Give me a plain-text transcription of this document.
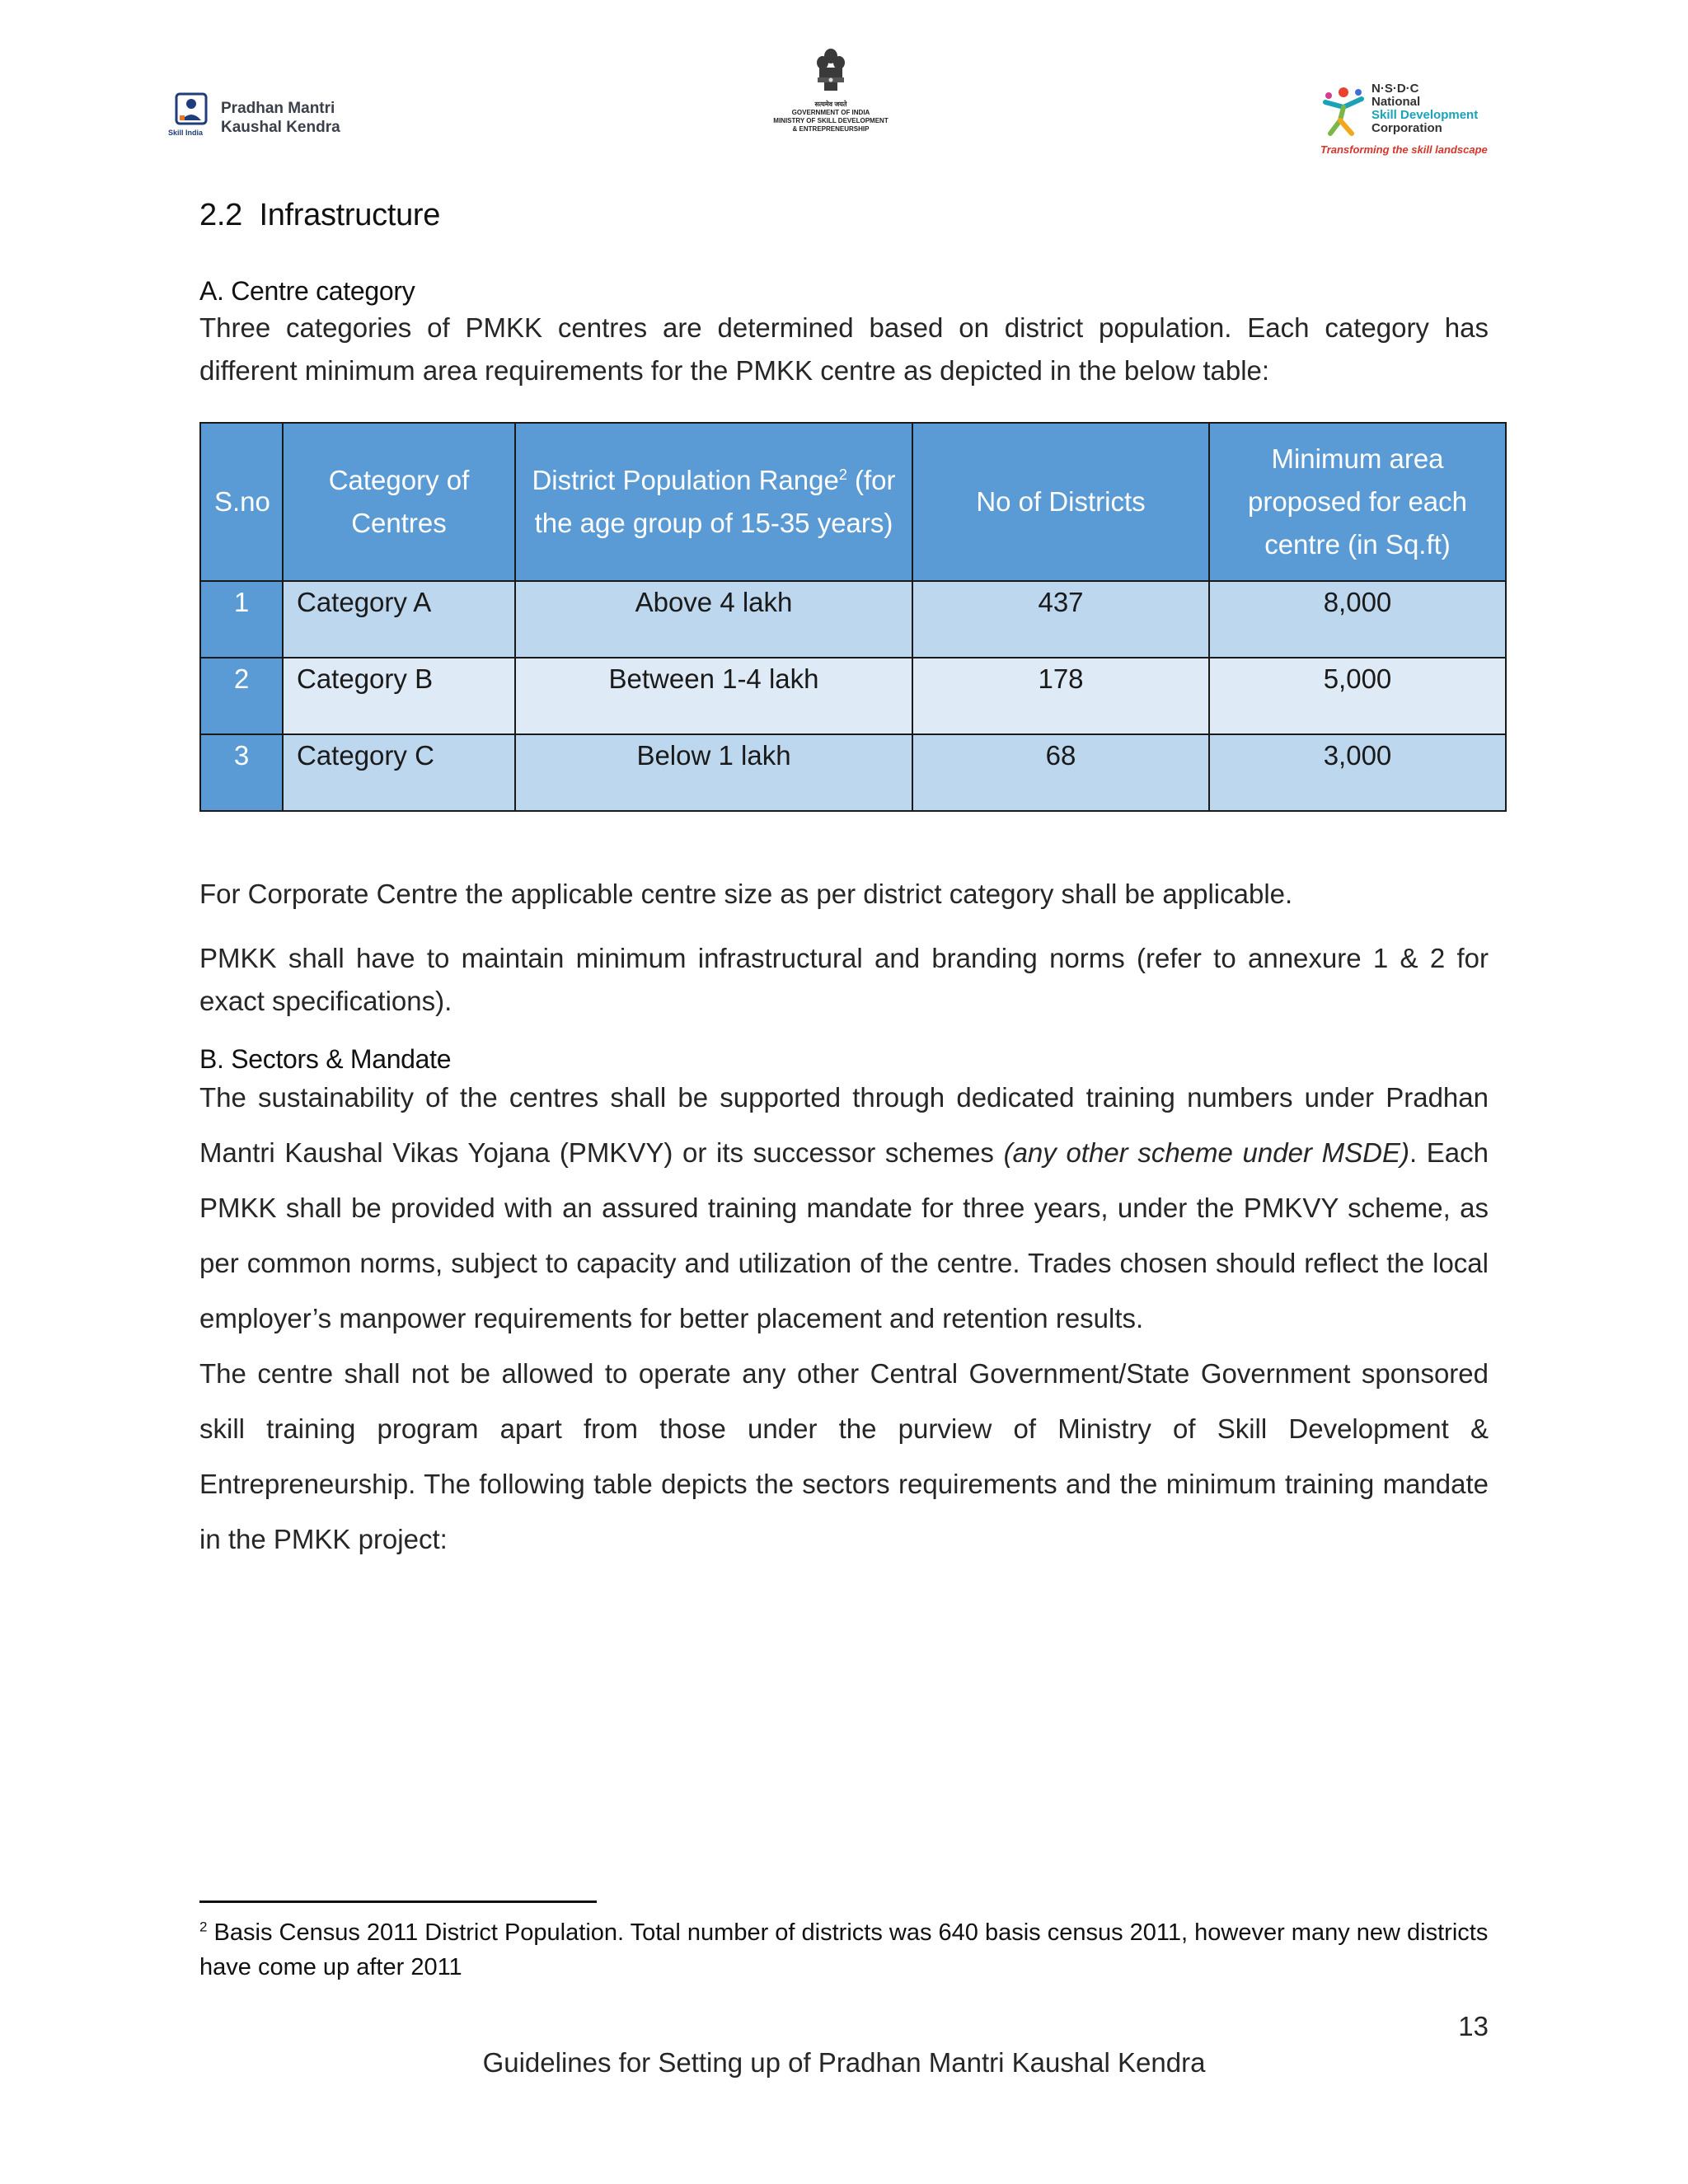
Skill India
Pradhan Mantri
Kaushal Kendra
सत्यमेव जयते
GOVERNMENT OF INDIA
MINISTRY OF SKILL DEVELOPMENT
& ENTREPRENEURSHIP
N·S·D·C
National
Skill Development
Corporation
Transforming the skill landscape
2.2  Infrastructure
A. Centre category

Three categories of PMKK centres are determined based on district population. Each category has different minimum area requirements for the PMKK centre as depicted in the below table:

S.no	Category of Centres	District Population Range$^2$ (for the age group of 15-35 years)	No of Districts	Minimum area proposed for each centre (in Sq.ft)
1	Category A	Above 4 lakh	437	8,000
2	Category B	Between 1-4 lakh	178	5,000
3	Category C	Below 1 lakh	68	3,000

For Corporate Centre the applicable centre size as per district category shall be applicable.

PMKK shall have to maintain minimum infrastructural and branding norms (refer to annexure 1 & 2 for exact specifications).

B. Sectors & Mandate

The sustainability of the centres shall be supported through dedicated training numbers under Pradhan Mantri Kaushal Vikas Yojana (PMKVY) or its successor schemes (any other scheme under MSDE). Each PMKK shall be provided with an assured training mandate for three years, under the PMKVY scheme, as per common norms, subject to capacity and utilization of the centre. Trades chosen should reflect the local employer’s manpower requirements for better placement and retention results.

The centre shall not be allowed to operate any other Central Government/State Government sponsored skill training program apart from those under the purview of Ministry of Skill Development & Entrepreneurship. The following table depicts the sectors requirements and the minimum training mandate in the PMKK project:

$^2$ Basis Census 2011 District Population. Total number of districts was 640 basis census 2011, however many new districts have come up after 2011
13
Guidelines for Setting up of Pradhan Mantri Kaushal Kendra
